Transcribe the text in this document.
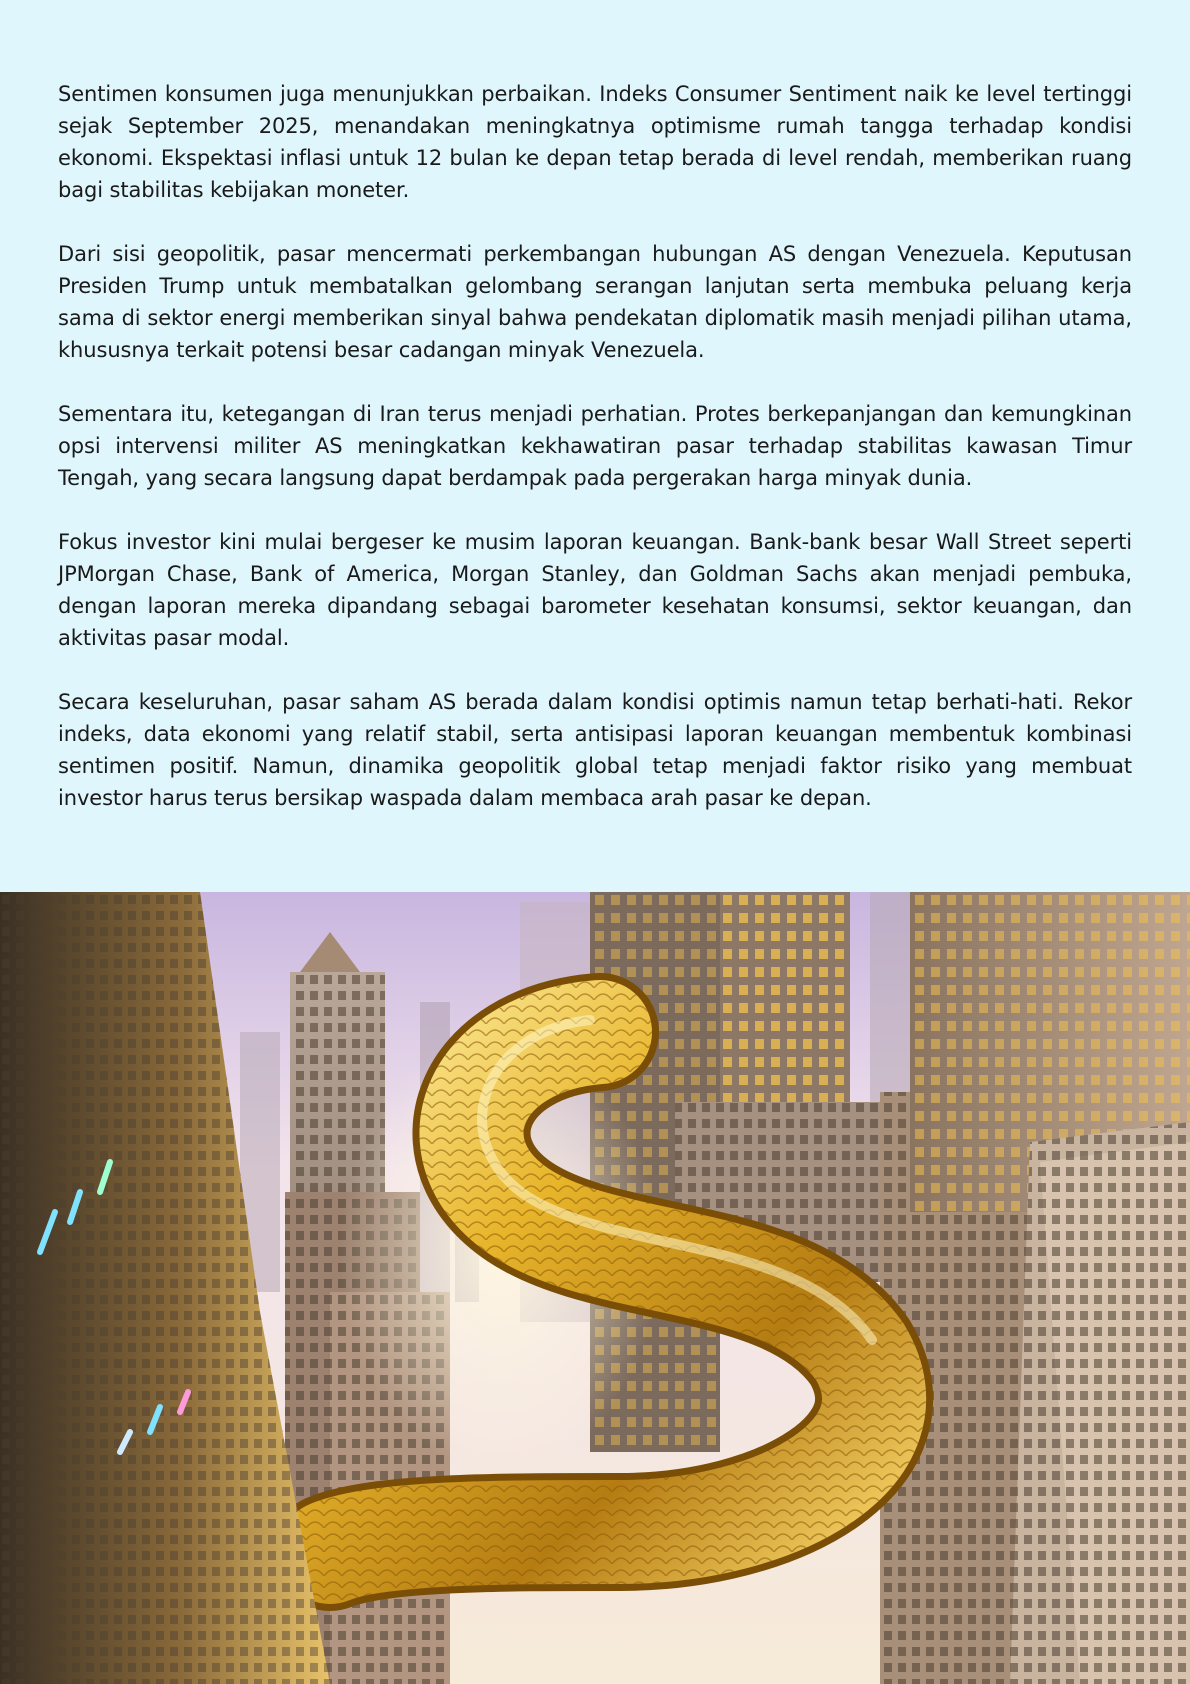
Sentimen konsumen juga menunjukkan perbaikan. Indeks Consumer Sentiment naik ke level tertinggi sejak September 2025, menandakan meningkatnya optimisme rumah tangga terhadap kondisi ekonomi. Ekspektasi inflasi untuk 12 bulan ke depan tetap berada di level rendah, memberikan ruang bagi stabilitas kebijakan moneter.

Dari sisi geopolitik, pasar mencermati perkembangan hubungan AS dengan Venezuela. Keputusan Presiden Trump untuk membatalkan gelombang serangan lanjutan serta membuka peluang kerja sama di sektor energi memberikan sinyal bahwa pendekatan diplomatik masih menjadi pilihan utama, khususnya terkait potensi besar cadangan minyak Venezuela.

Sementara itu, ketegangan di Iran terus menjadi perhatian. Protes berkepanjangan dan kemungkinan opsi intervensi militer AS meningkatkan kekhawatiran pasar terhadap stabilitas kawasan Timur Tengah, yang secara langsung dapat berdampak pada pergerakan harga minyak dunia.

Fokus investor kini mulai bergeser ke musim laporan keuangan. Bank-bank besar Wall Street seperti JPMorgan Chase, Bank of America, Morgan Stanley, dan Goldman Sachs akan menjadi pembuka, dengan laporan mereka dipandang sebagai barometer kesehatan konsumsi, sektor keuangan, dan aktivitas pasar modal.

Secara keseluruhan, pasar saham AS berada dalam kondisi optimis namun tetap berhati-hati. Rekor indeks, data ekonomi yang relatif stabil, serta antisipasi laporan keuangan membentuk kombinasi sentimen positif. Namun, dinamika geopolitik global tetap menjadi faktor risiko yang membuat investor harus terus bersikap waspada dalam membaca arah pasar ke depan.
